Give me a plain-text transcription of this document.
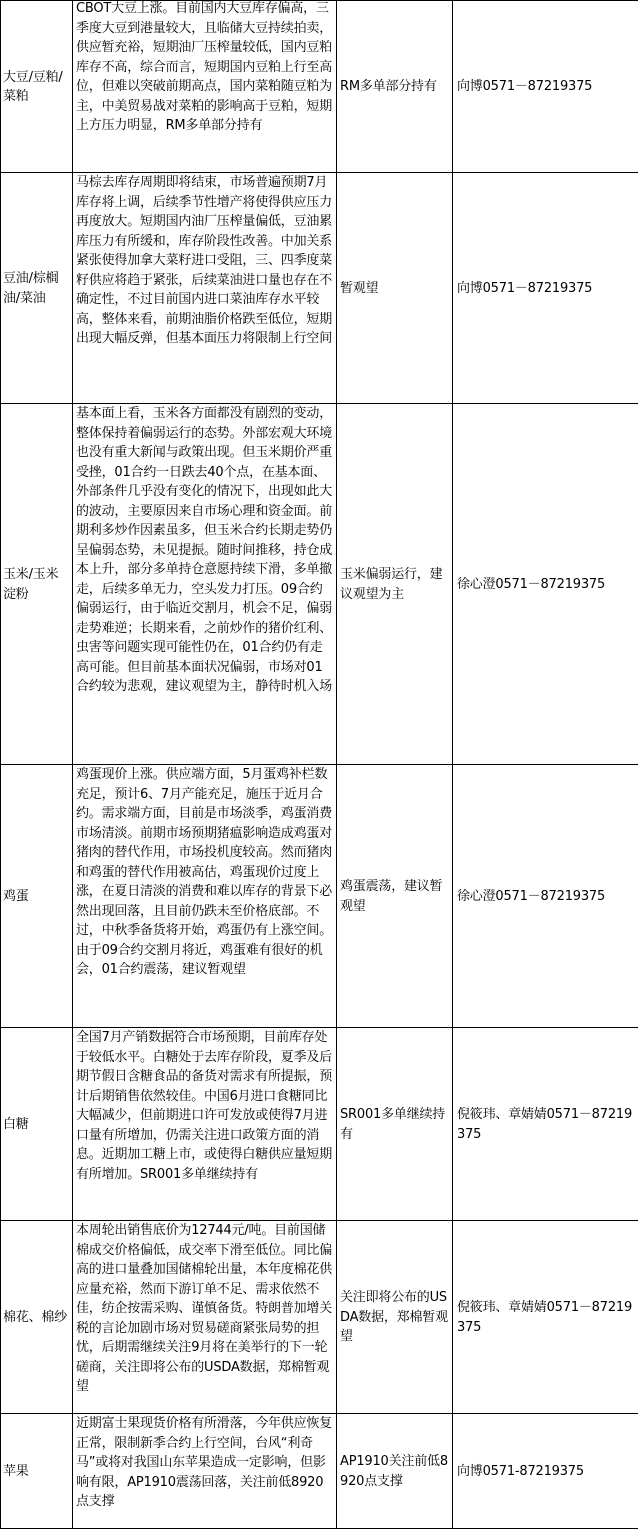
大豆/豆粕/菜粕	CBOT大豆上涨。目前国内大豆库存偏高，三季度大豆到港量较大，且临储大豆持续拍卖，供应暂充裕，短期油厂压榨量较低，国内豆粕库存不高，综合而言，短期国内豆粕上行至高位，但难以突破前期高点，国内菜粕随豆粕为主，中美贸易战对菜粕的影响高于豆粕，短期上方压力明显，RM多单部分持有	RM多单部分持有	向博0571－87219375

豆油/棕榈油/菜油	马棕去库存周期即将结束，市场普遍预期7月库存将上调，后续季节性增产将使得供应压力再度放大。短期国内油厂压榨量偏低，豆油累库压力有所缓和，库存阶段性改善。中加关系紧张使得加拿大菜籽进口受阻，三、四季度菜籽供应将趋于紧张，后续菜油进口量也存在不确定性，不过目前国内进口菜油库存水平较高，整体来看，前期油脂价格跌至低位，短期出现大幅反弹，但基本面压力将限制上行空间	暂观望	向博0571－87219375

玉米/玉米淀粉	基本面上看，玉米各方面都没有剧烈的变动，整体保持着偏弱运行的态势。外部宏观大环境也没有重大新闻与政策出现。但玉米期价严重受挫，01合约一日跌去40个点，在基本面、外部条件几乎没有变化的情况下，出现如此大的波动，主要原因来自市场心理和资金面。前期利多炒作因素虽多，但玉米合约长期走势仍呈偏弱态势，未见提振。随时间推移，持仓成本上升，部分多单持仓意愿持续下滑，多单撤走，后续多单无力，空头发力打压。09合约偏弱运行，由于临近交割月，机会不足，偏弱走势难逆；长期来看，之前炒作的猪价红利、虫害等问题实现可能性仍在，01合约仍有走高可能。但目前基本面状况偏弱，市场对01合约较为悲观，建议观望为主，静待时机入场	玉米偏弱运行，建议观望为主	徐心澄0571－87219375

鸡蛋	鸡蛋现价上涨。供应端方面，5月蛋鸡补栏数充足，预计6、7月产能充足，施压于近月合约。需求端方面，目前是市场淡季，鸡蛋消费市场清淡。前期市场预期猪瘟影响造成鸡蛋对猪肉的替代作用，市场投机度较高。然而猪肉和鸡蛋的替代作用被高估，鸡蛋现价过度上涨，在夏日清淡的消费和难以库存的背景下必然出现回落，且目前仍跌未至价格底部。不过，中秋季备货将开始，鸡蛋仍有上涨空间。由于09合约交割月将近，鸡蛋难有很好的机会，01合约震荡，建议暂观望	鸡蛋震荡，建议暂观望	徐心澄0571－87219375

白糖	全国7月产销数据符合市场预期，目前库存处于较低水平。白糖处于去库存阶段，夏季及后期节假日含糖食品的备货对需求有所提振，预计后期销售依然较佳。中国6月进口食糖同比大幅减少，但前期进口许可发放或使得7月进口量有所增加，仍需关注进口政策方面的消息。近期加工糖上市，或使得白糖供应量短期有所增加。SR001多单继续持有	SR001多单继续持有	倪筱玮、章婧婧0571－87219375

棉花、棉纱	本周轮出销售底价为12744元/吨。目前国储棉成交价格偏低，成交率下滑至低位。同比偏高的进口量叠加国储棉轮出量，本年度棉花供应量充裕，然而下游订单不足、需求依然不佳，纺企按需采购、谨慎备货。特朗普加增关税的言论加剧市场对贸易磋商紧张局势的担忧，后期需继续关注9月将在美举行的下一轮磋商，关注即将公布的USDA数据，郑棉暂观望	关注即将公布的USDA数据，郑棉暂观望	倪筱玮、章婧婧0571－87219375

苹果	近期富士果现货价格有所滑落，今年供应恢复正常，限制新季合约上行空间，台风“利奇马”或将对我国山东苹果造成一定影响，但影响有限，AP1910震荡回落，关注前低8920点支撑	AP1910关注前低8920点支撑	向博0571-87219375
